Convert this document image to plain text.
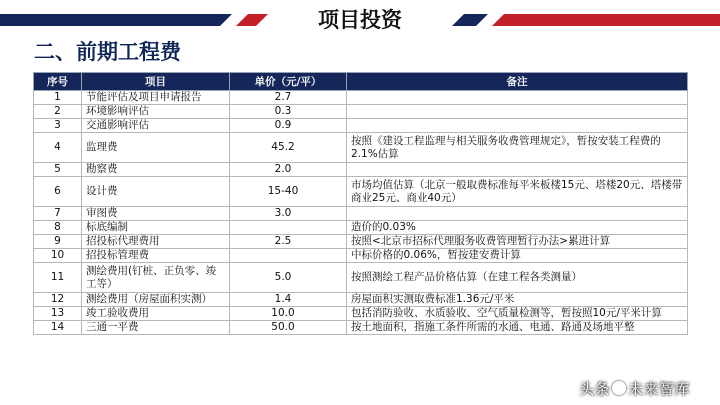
项目投资
二、前期工程费
序号	项目	单价（元/平）	备注
1	节能评估及项目申请报告	2.7	
2	环境影响评估	0.3	
3	交通影响评估	0.9	
4	监理费	45.2	按照《建设工程监理与相关服务收费管理规定》，暂按安装工程费的2.1%估算
5	勘察费	2.0	
6	设计费	15-40	市场均值估算（北京一般取费标准每平米板楼15元、塔楼20元、塔楼带商业25元、商业40元）
7	审图费	3.0	
8	标底编制		造价的0.03%
9	招投标代理费用	2.5	按照<北京市招标代理服务收费管理暂行办法>累进计算
10	招投标管理费		中标价格的0.06%，暂按建安费计算
11	测绘费用(钉桩、正负零、竣工等）	5.0	按照测绘工程产品价格估算（在建工程各类测量）
12	测绘费用（房屋面积实测）	1.4	房屋面积实测取费标准1.36元/平米
13	竣工验收费用	10.0	包括消防验收、水质验收、空气质量检测等，暂按照10元/平米计算
14	三通一平费	50.0	按土地面积，指施工条件所需的水通、电通、路通及场地平整
头条 未来智库
